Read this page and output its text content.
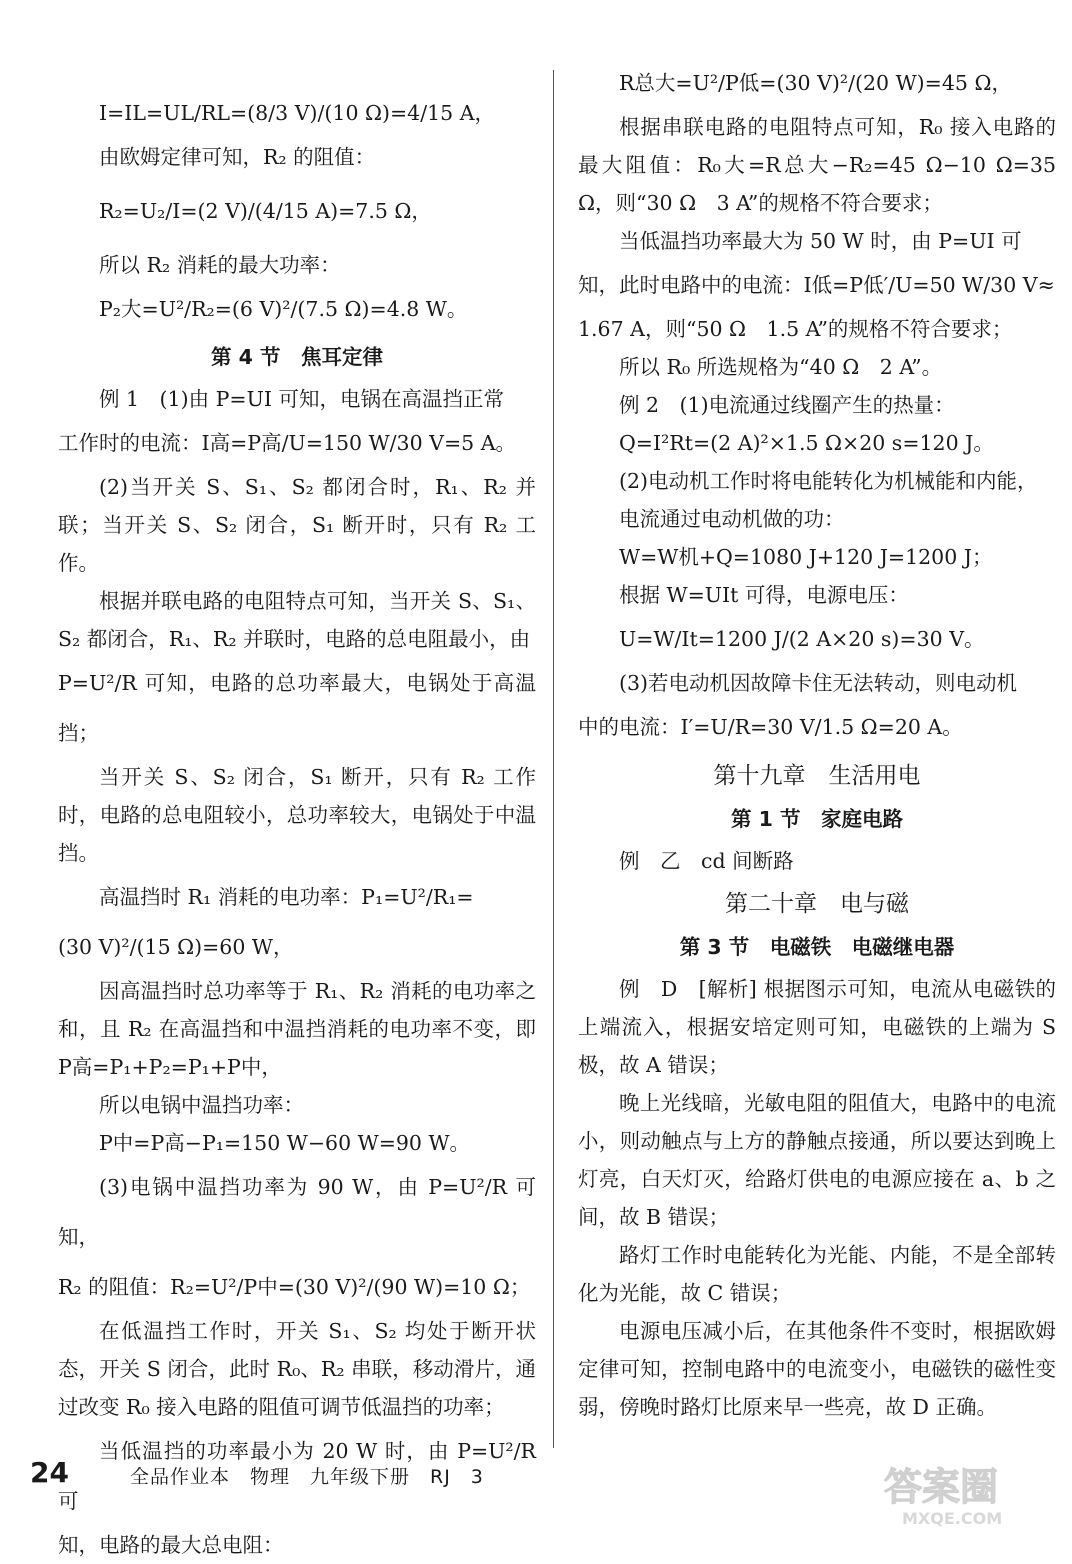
I=IL=UL/RL=(8/3 V)/(10 Ω)=4/15 A，

由欧姆定律可知，R₂ 的阻值：

R₂=U₂/I=(2 V)/(4/15 A)=7.5 Ω，

所以 R₂ 消耗的最大功率：

P₂大=U²/R₂=(6 V)²/(7.5 Ω)=4.8 W。

第 4 节　焦耳定律

例 1　(1)由 P=UI 可知，电锅在高温挡正常

工作时的电流：I高=P高/U=150 W/30 V=5 A。

(2)当开关 S、S₁、S₂ 都闭合时，R₁、R₂ 并联；当开关 S、S₂ 闭合，S₁ 断开时，只有 R₂ 工作。

根据并联电路的电阻特点可知，当开关 S、S₁、S₂ 都闭合，R₁、R₂ 并联时，电路的总电阻最小，由

P=U²/R 可知，电路的总功率最大，电锅处于高温挡；

当开关 S、S₂ 闭合，S₁ 断开，只有 R₂ 工作时，电路的总电阻较小，总功率较大，电锅处于中温挡。

高温挡时 R₁ 消耗的电功率：P₁=U²/R₁=

(30 V)²/(15 Ω)=60 W，

因高温挡时总功率等于 R₁、R₂ 消耗的电功率之和，且 R₂ 在高温挡和中温挡消耗的电功率不变，即 P高=P₁+P₂=P₁+P中，

所以电锅中温挡功率：

P中=P高−P₁=150 W−60 W=90 W。

(3)电锅中温挡功率为 90 W，由 P=U²/R 可知，

R₂ 的阻值：R₂=U²/P中=(30 V)²/(90 W)=10 Ω；

在低温挡工作时，开关 S₁、S₂ 均处于断开状态，开关 S 闭合，此时 R₀、R₂ 串联，移动滑片，通过改变 R₀ 接入电路的阻值可调节低温挡的功率；

当低温挡的功率最小为 20 W 时，由 P=U²/R 可

知，电路的最大总电阻：

R总大=U²/P低=(30 V)²/(20 W)=45 Ω，

根据串联电路的电阻特点可知，R₀ 接入电路的最大阻值：R₀大=R总大−R₂=45 Ω−10 Ω=35 Ω，则“30 Ω　3 A”的规格不符合要求；

当低温挡功率最大为 50 W 时，由 P=UI 可

知，此时电路中的电流：I低=P低′/U=50 W/30 V≈

1.67 A，则“50 Ω　1.5 A”的规格不符合要求；

所以 R₀ 所选规格为“40 Ω　2 A”。

例 2　(1)电流通过线圈产生的热量：

Q=I²Rt=(2 A)²×1.5 Ω×20 s=120 J。

(2)电动机工作时将电能转化为机械能和内能，

电流通过电动机做的功：

W=W机+Q=1080 J+120 J=1200 J；

根据 W=UIt 可得，电源电压：

U=W/It=1200 J/(2 A×20 s)=30 V。

(3)若电动机因故障卡住无法转动，则电动机

中的电流：I′=U/R=30 V/1.5 Ω=20 A。

第十九章　生活用电

第 1 节　家庭电路

例　乙　cd 间断路

第二十章　电与磁

第 3 节　电磁铁　电磁继电器

例　D　[解析] 根据图示可知，电流从电磁铁的上端流入，根据安培定则可知，电磁铁的上端为 S 极，故 A 错误；

晚上光线暗，光敏电阻的阻值大，电路中的电流小，则动触点与上方的静触点接通，所以要达到晚上灯亮，白天灯灭，给路灯供电的电源应接在 a、b 之间，故 B 错误；

路灯工作时电能转化为光能、内能，不是全部转化为光能，故 C 错误；

电源电压减小后，在其他条件不变时，根据欧姆定律可知，控制电路中的电流变小，电磁铁的磁性变弱，傍晚时路灯比原来早一些亮，故 D 正确。

24	全品作业本　物理　九年级下册　RJ　3	答案圈
MXQE.COM
